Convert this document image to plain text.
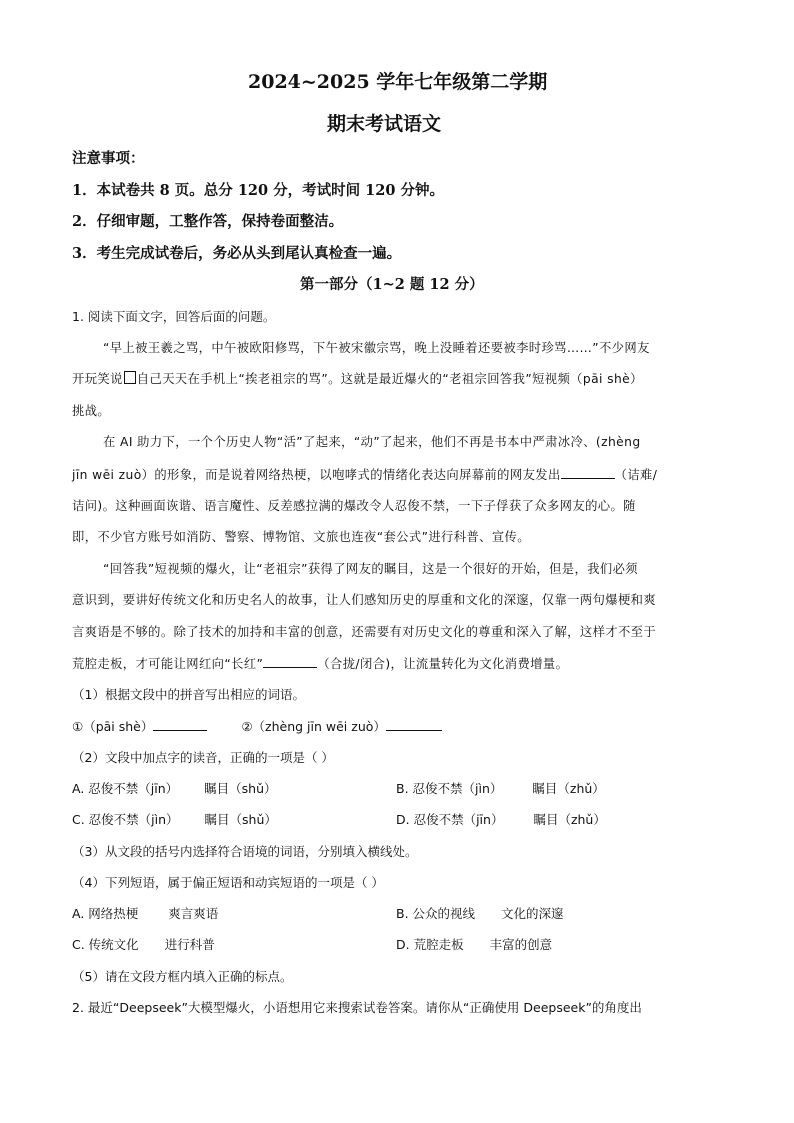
2024~2025 学年七年级第二学期
期末考试语文
注意事项：
1．本试卷共 8 页。总分 120 分，考试时间 120 分钟。
2．仔细审题，工整作答，保持卷面整洁。
3．考生完成试卷后，务必从头到尾认真检查一遍。
第一部分（1~2 题 12 分）
1. 阅读下面文字，回答后面的问题。
“早上被王羲之骂，中午被欧阳修骂，下午被宋徽宗骂，晚上没睡着还要被李时珍骂……”不少网友
开玩笑说 自己天天在手机上“挨老祖宗的骂”。这就是最近爆火的“老祖宗回答我”短视频（pāi shè）
挑战。
在 AI 助力下，一个个历史人物“活”了起来，“动”了起来，他们不再是书本中严肃冰冷、(zhèng
jīn wēi zuò）的形象，而是说着网络热梗，以咆哮式的情绪化表达向屏幕前的网友发出	（诘难/
诘问)。这种画面诙谐、语言魔性、反差感拉满的爆改令人忍俊不禁，一下子俘获了众多网友的心。随
即，不少官方账号如消防、警察、博物馆、文旅也连夜“套公式”进行科普、宣传。
“回答我”短视频的爆火，让“老祖宗”获得了网友的瞩目，这是一个很好的开始，但是，我们必须
意识到，要讲好传统文化和历史名人的故事，让人们感知历史的厚重和文化的深邃，仅靠一两句爆梗和爽
言爽语是不够的。除了技术的加持和丰富的创意，还需要有对历史文化的尊重和深入了解，这样才不至于
荒腔走板，才可能让网红向“长红”	（合拢/闭合)，让流量转化为文化消费增量。
（1）根据文段中的拼音写出相应的词语。
①（pāi shè）	②（zhèng jīn wēi zuò）
（2）文段中加点字的读音，正确的一项是（ ）
A. 忍俊不禁（jīn） 瞩目（shǔ）	B. 忍俊不禁（jìn） 瞩目（zhǔ）
C. 忍俊不禁（jìn） 瞩目（shǔ）	D. 忍俊不禁（jīn） 瞩目（zhǔ）
（3）从文段的括号内选择符合语境的词语，分别填入横线处。
（4）下列短语，属于偏正短语和动宾短语的一项是（ ）
A. 网络热梗 爽言爽语	B. 公众的视线 文化的深邃
C. 传统文化 进行科普	D. 荒腔走板 丰富的创意
（5）请在文段方框内填入正确的标点。
2. 最近“Deepseek”大模型爆火，小语想用它来搜索试卷答案。请你从“正确使用 Deepseek”的角度出
